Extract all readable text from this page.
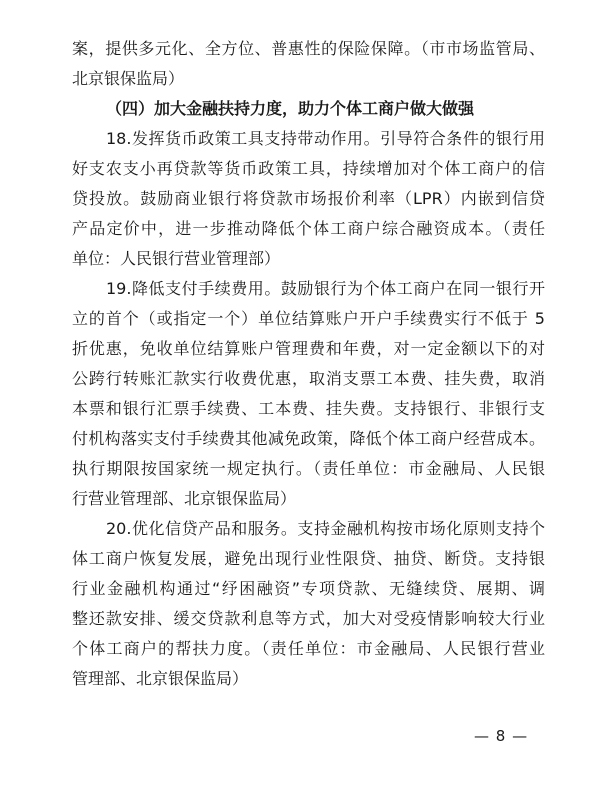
案，提供多元化、全方位、普惠性的保险保障。（市市场监管局、
北京银保监局）
（四）加大金融扶持力度，助力个体工商户做大做强
18.发挥货币政策工具支持带动作用。引导符合条件的银行用
好支农支小再贷款等货币政策工具，持续增加对个体工商户的信
贷投放。鼓励商业银行将贷款市场报价利率（LPR）内嵌到信贷
产品定价中，进一步推动降低个体工商户综合融资成本。（责任
单位：人民银行营业管理部）
19.降低支付手续费用。鼓励银行为个体工商户在同一银行开
立的首个（或指定一个）单位结算账户开户手续费实行不低于 5
折优惠，免收单位结算账户管理费和年费，对一定金额以下的对
公跨行转账汇款实行收费优惠，取消支票工本费、挂失费，取消
本票和银行汇票手续费、工本费、挂失费。支持银行、非银行支
付机构落实支付手续费其他减免政策，降低个体工商户经营成本。
执行期限按国家统一规定执行。（责任单位：市金融局、人民银
行营业管理部、北京银保监局）
20.优化信贷产品和服务。支持金融机构按市场化原则支持个
体工商户恢复发展，避免出现行业性限贷、抽贷、断贷。支持银
行业金融机构通过“纾困融资”专项贷款、无缝续贷、展期、调
整还款安排、缓交贷款利息等方式，加大对受疫情影响较大行业
个体工商户的帮扶力度。（责任单位：市金融局、人民银行营业
管理部、北京银保监局）
— 8 —
